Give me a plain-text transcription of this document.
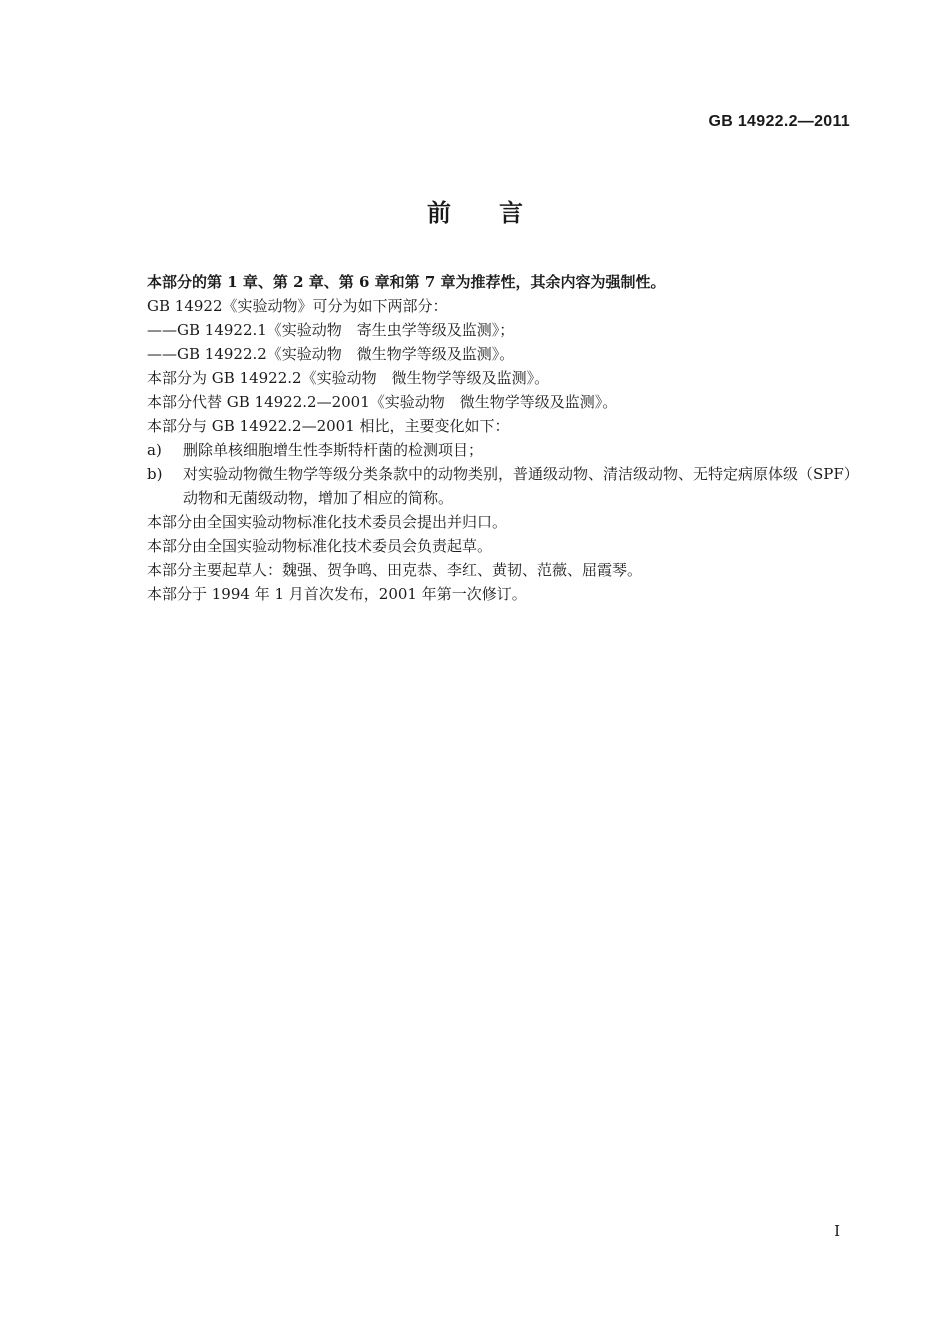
GB 14922.2—2011
前言
本部分的第 1 章、第 2 章、第 6 章和第 7 章为推荐性，其余内容为强制性。
GB 14922《实验动物》可分为如下两部分：
——GB 14922.1《实验动物　寄生虫学等级及监测》；
——GB 14922.2《实验动物　微生物学等级及监测》。
本部分为 GB 14922.2《实验动物　微生物学等级及监测》。
本部分代替 GB 14922.2—2001《实验动物　微生物学等级及监测》。
本部分与 GB 14922.2—2001 相比，主要变化如下：
a)	删除单核细胞增生性李斯特杆菌的检测项目；
b)	对实验动物微生物学等级分类条款中的动物类别，普通级动物、清洁级动物、无特定病原体级（SPF）动物和无菌级动物，增加了相应的简称。
本部分由全国实验动物标准化技术委员会提出并归口。
本部分由全国实验动物标准化技术委员会负责起草。
本部分主要起草人：魏强、贺争鸣、田克恭、李红、黄韧、范薇、屈霞琴。
本部分于 1994 年 1 月首次发布，2001 年第一次修订。
I
